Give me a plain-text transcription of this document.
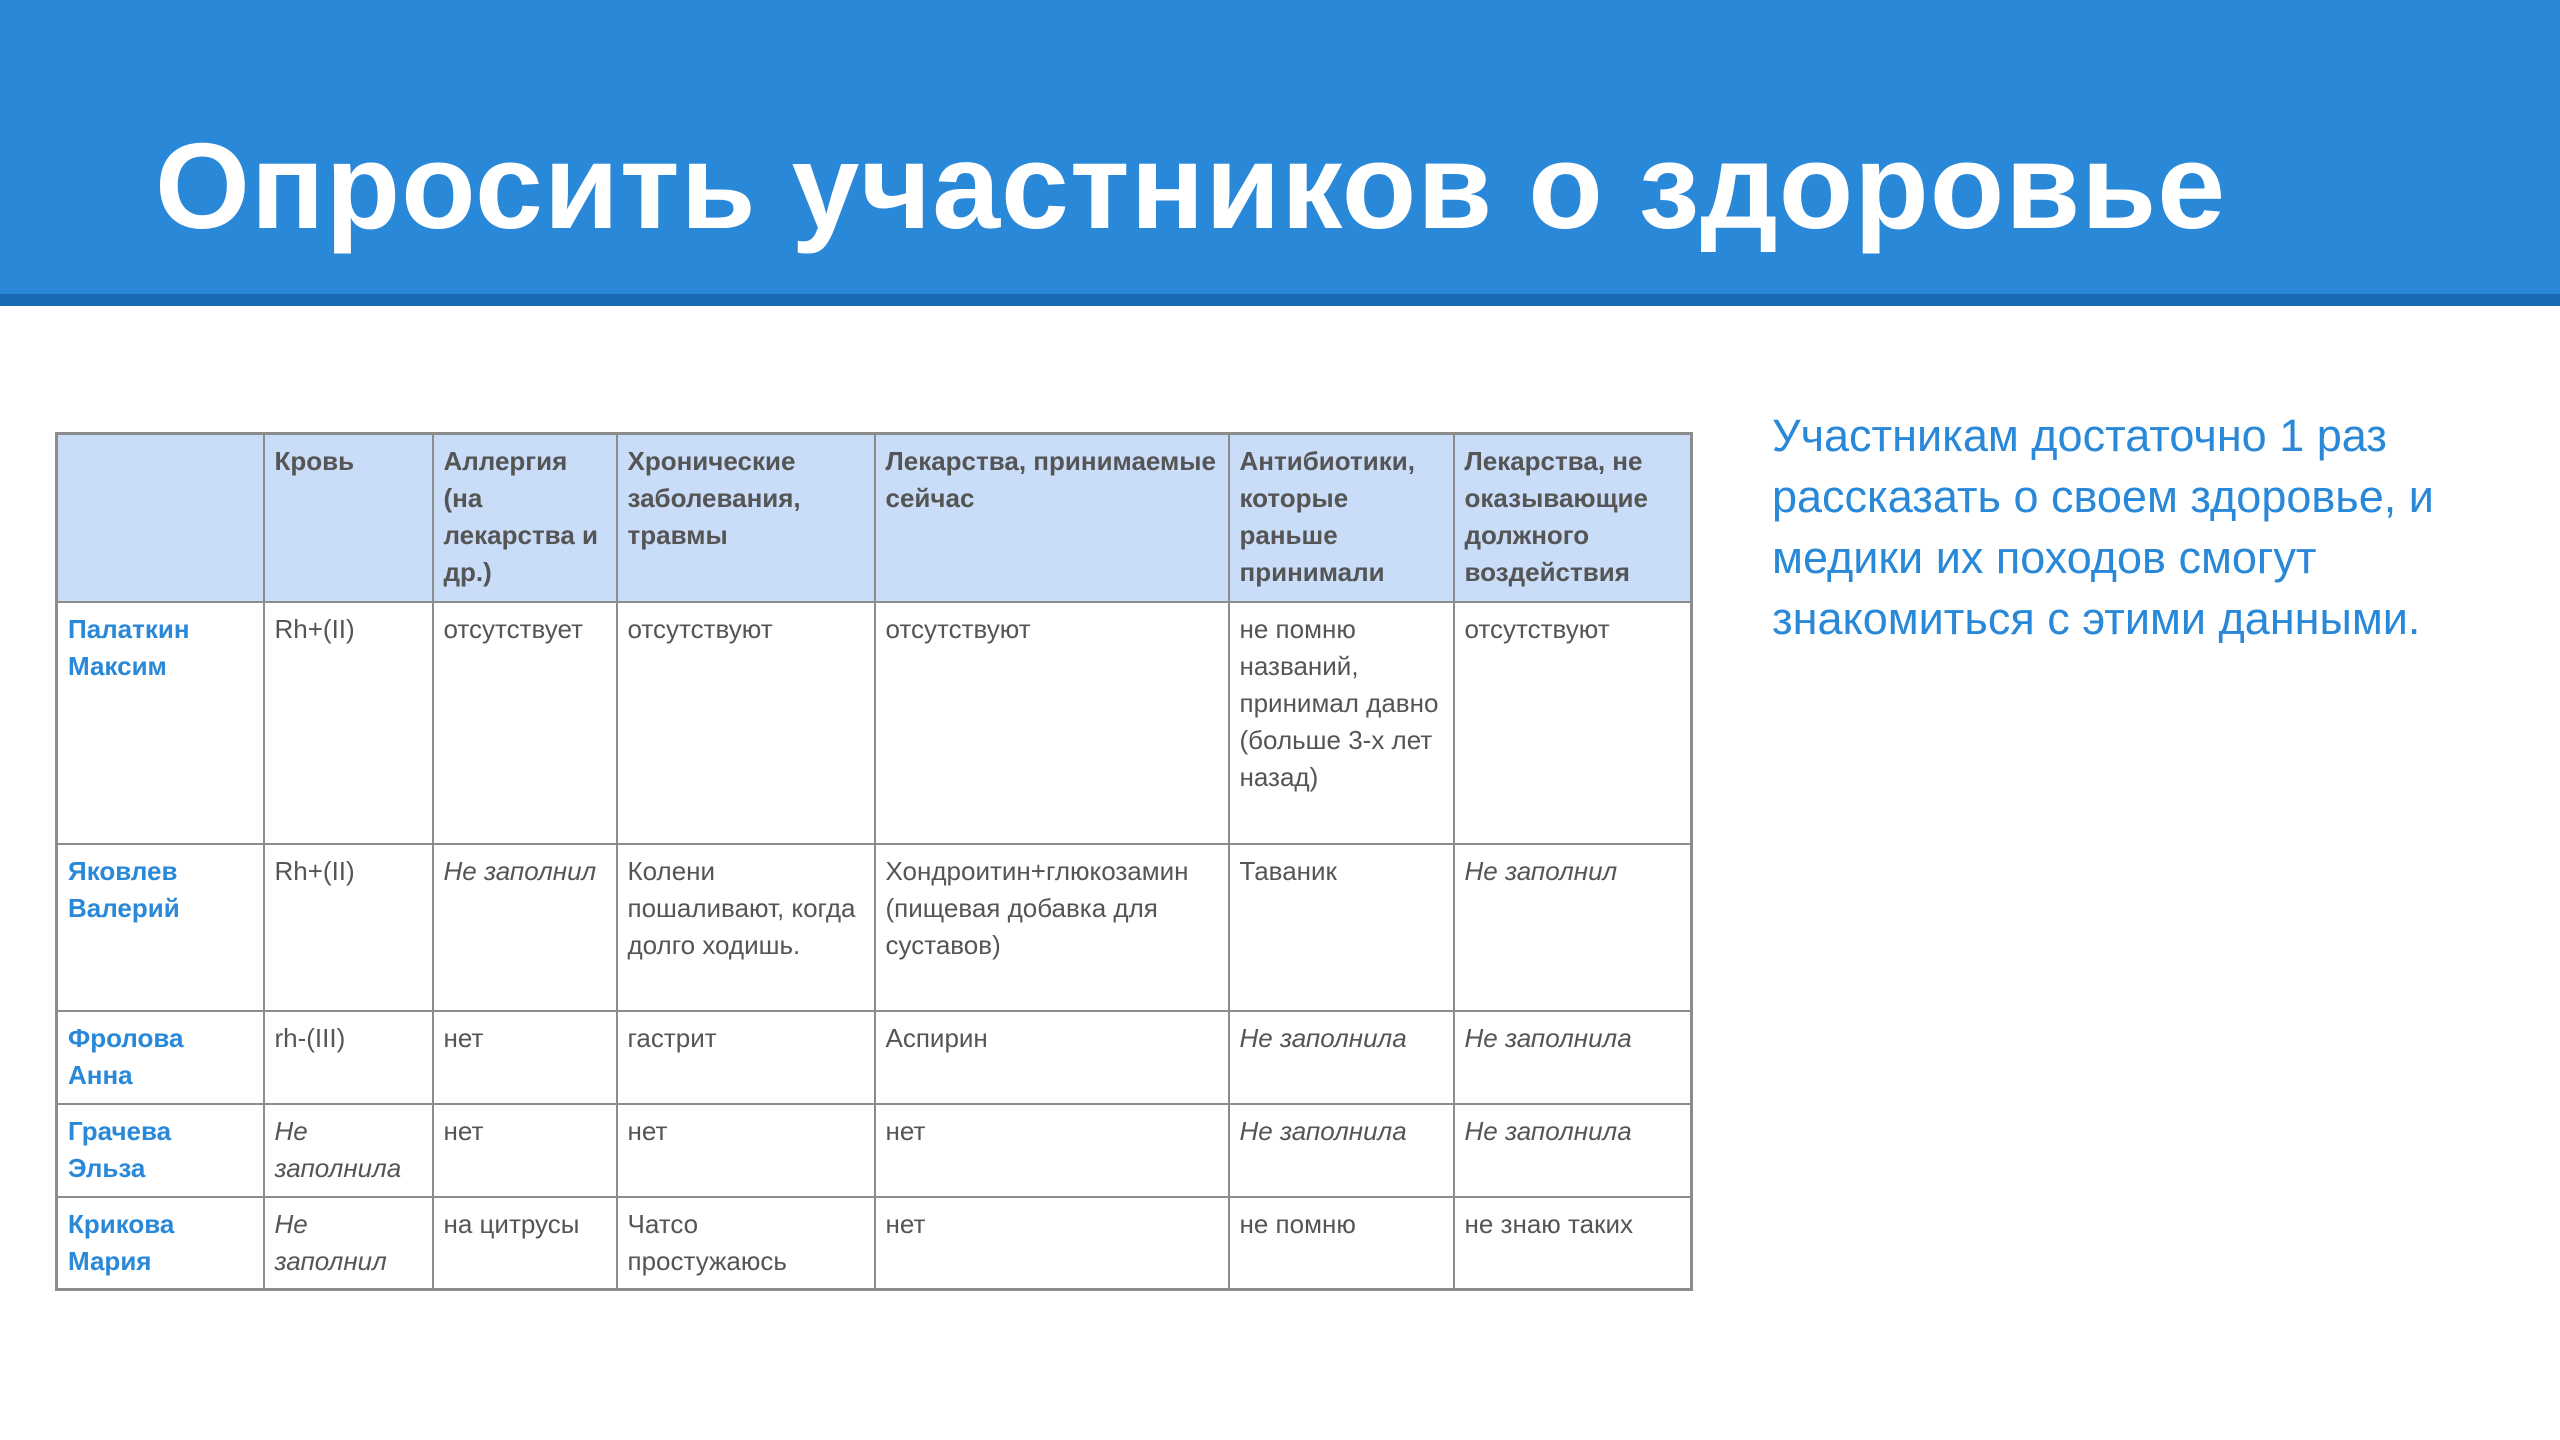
Опросить участников о здоровье
	Кровь	Аллергия (на лекарства и др.)	Хронические заболевания, травмы	Лекарства, принимаемые сейчас	Антибиотики, которые раньше принимали	Лекарства, не оказывающие должного воздействия
Палаткин Максим	Rh+(II)	отсутствует	отсутствуют	отсутствуют	не помню названий, принимал давно (больше 3-х лет назад)	отсутствуют
Яковлев Валерий	Rh+(II)	Не заполнил	Колени пошаливают, когда долго ходишь.	Хондроитин+глюкозамин (пищевая добавка для суставов)	Таваник	Не заполнил
Фролова Анна	rh-(III)	нет	гастрит	Аспирин	Не заполнила	Не заполнила
Грачева Эльза	Не заполнила	нет	нет	нет	Не заполнила	Не заполнила
Крикова Мария	Не заполнил	на цитрусы	Чатсо простужаюсь	нет	не помню	не знаю таких
Участникам достаточно 1 раз рассказать о своем здоровье, и медики их походов смогут знакомиться с этими данными.
